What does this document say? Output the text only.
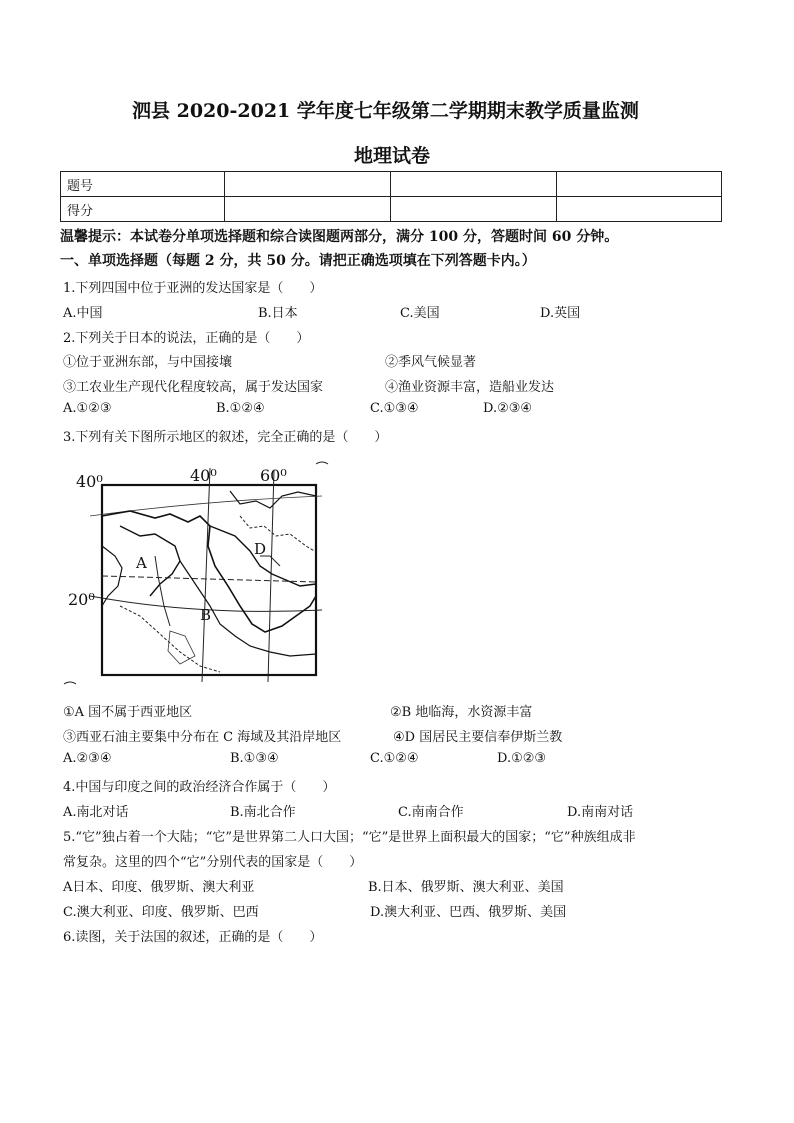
泗县 2020-2021 学年度七年级第二学期期末教学质量监测
地理试卷
题号			
得分			
温馨提示：本试卷分单项选择题和综合读图题两部分，满分 100 分，答题时间 60 分钟。
一、单项选择题（每题 2 分，共 50 分。请把正确选项填在下列答题卡内。）
1.下列四国中位于亚洲的发达国家是（　　）
A.中国	B.日本	C.美国	D.英国
2.下列关于日本的说法，正确的是（　　）
①位于亚洲东部，与中国接壤	②季风气候显著
③工农业生产现代化程度较高，属于发达国家	④渔业资源丰富，造船业发达
A.①②③	B.①②④	C.①③④	D.②③④
3.下列有关下图所示地区的叙述，完全正确的是（　　）
40⁰	40⁰	60⁰
20⁰
A
B
D
①A 国不属于西亚地区	②B 地临海，水资源丰富
③西亚石油主要集中分布在 C 海域及其沿岸地区	④D 国居民主要信奉伊斯兰教
A.②③④	B.①③④	C.①②④	D.①②③
4.中国与印度之间的政治经济合作属于（　　）
A.南北对话	B.南北合作	C.南南合作	D.南南对话
5.“它”独占着一个大陆；“它”是世界第二人口大国；“它”是世界上面积最大的国家；“它”种族组成非
常复杂。这里的四个“它”分别代表的国家是（　　）
A日本、印度、俄罗斯、澳大利亚	B.日本、俄罗斯、澳大利亚、美国
C.澳大利亚、印度、俄罗斯、巴西	D.澳大利亚、巴西、俄罗斯、美国
6.读图，关于法国的叙述，正确的是（　　）
